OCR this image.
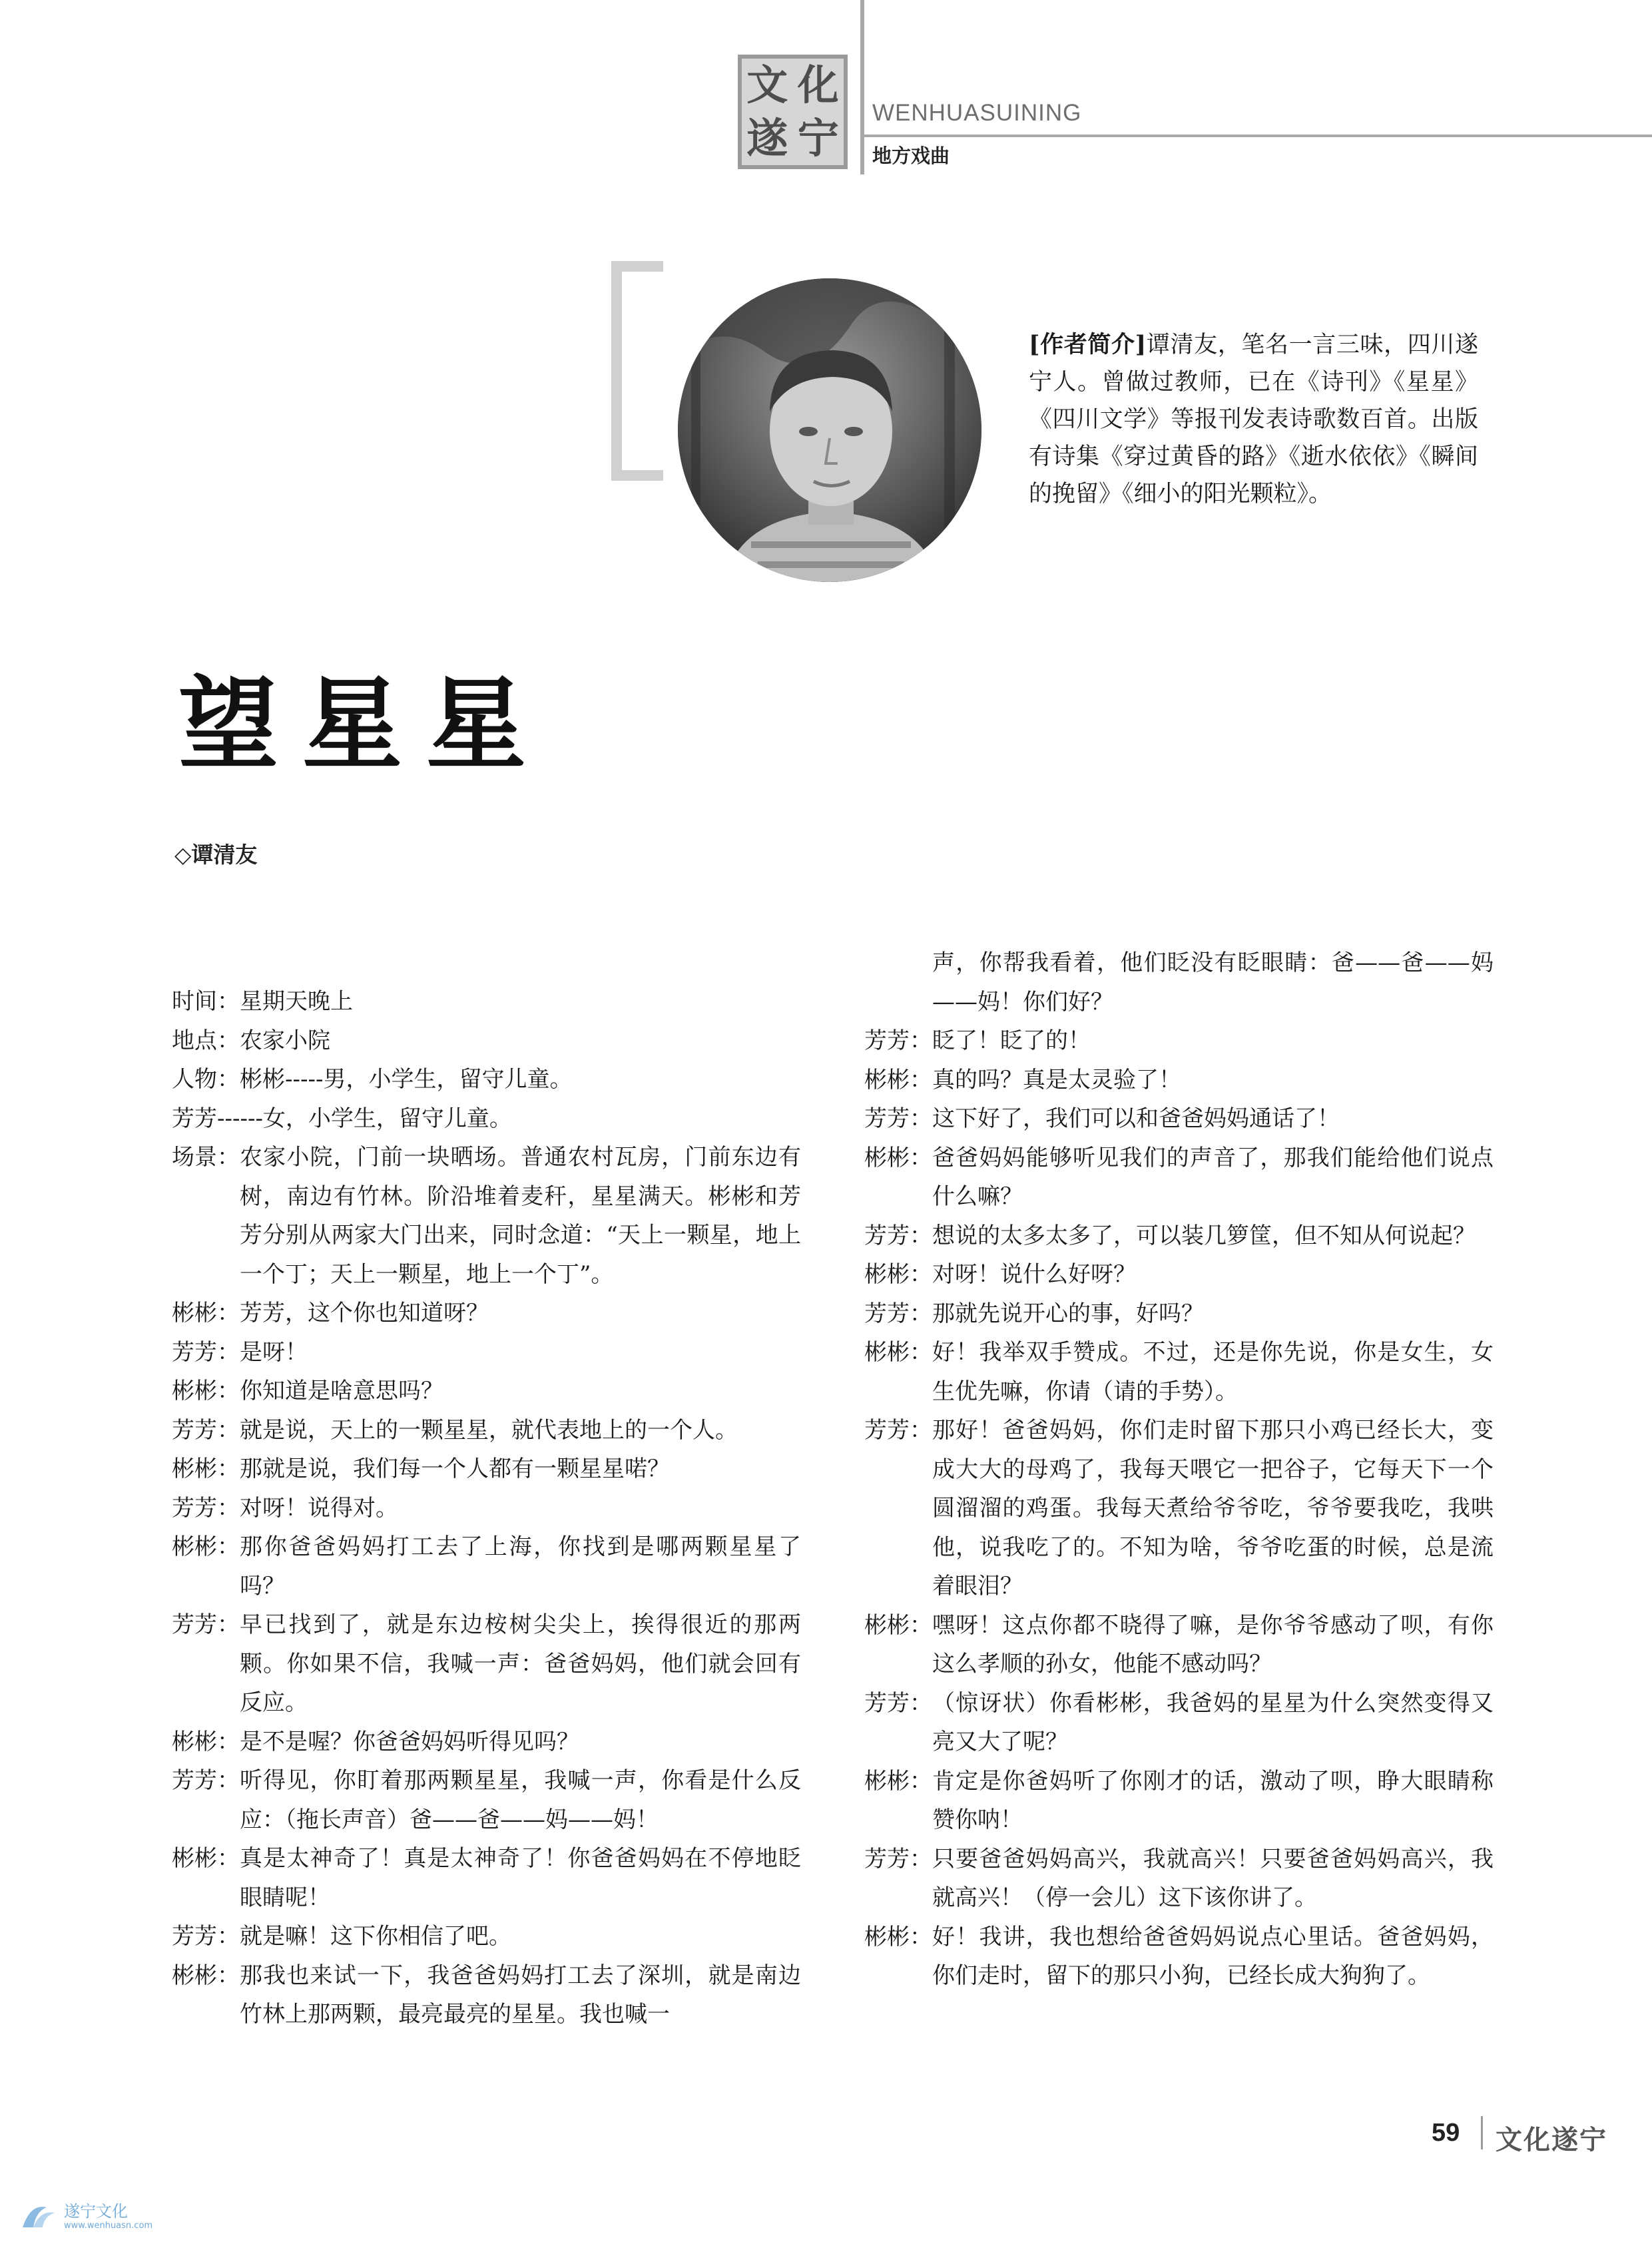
文 化
遂 宁
WENHUASUINING
地方戏曲
[作者简介]谭清友，笔名一言三味，四川遂宁人。曾做过教师，已在《诗刊》《星星》《四川文学》等报刊发表诗歌数百首。出版有诗集《穿过黄昏的路》《逝水依依》《瞬间的挽留》《细小的阳光颗粒》。
望星星
◇谭清友
时间： 星期天晚上
地点： 农家小院
人物： 彬彬-----男，小学生，留守儿童。
芳芳------女，小学生，留守儿童。
场景： 农家小院，门前一块晒场。普通农村瓦房，门前东边有树，南边有竹林。阶沿堆着麦秆，星星满天。彬彬和芳芳分别从两家大门出来，同时念道：“天上一颗星，地上一个丁；天上一颗星，地上一个丁”。
彬彬： 芳芳，这个你也知道呀？
芳芳： 是呀！
彬彬： 你知道是啥意思吗？
芳芳： 就是说，天上的一颗星星，就代表地上的一个人。
彬彬： 那就是说，我们每一个人都有一颗星星喏？
芳芳： 对呀！说得对。
彬彬： 那你爸爸妈妈打工去了上海，你找到是哪两颗星星了吗？
芳芳： 早已找到了，就是东边桉树尖尖上，挨得很近的那两颗。你如果不信，我喊一声：爸爸妈妈，他们就会回有反应。
彬彬： 是不是喔？你爸爸妈妈听得见吗？
芳芳： 听得见，你盯着那两颗星星，我喊一声，你看是什么反应：（拖长声音）爸——爸——妈——妈！
彬彬： 真是太神奇了！真是太神奇了！你爸爸妈妈在不停地眨眼睛呢！
芳芳： 就是嘛！这下你相信了吧。
彬彬： 那我也来试一下，我爸爸妈妈打工去了深圳，就是南边竹林上那两颗，最亮最亮的星星。我也喊一
声，你帮我看着，他们眨没有眨眼睛：爸——爸——妈——妈！你们好？
芳芳： 眨了！眨了的！
彬彬： 真的吗？真是太灵验了！
芳芳： 这下好了，我们可以和爸爸妈妈通话了！
彬彬： 爸爸妈妈能够听见我们的声音了，那我们能给他们说点什么嘛？
芳芳： 想说的太多太多了，可以装几箩筐，但不知从何说起？
彬彬： 对呀！说什么好呀？
芳芳： 那就先说开心的事，好吗？
彬彬： 好！我举双手赞成。不过，还是你先说，你是女生，女生优先嘛，你请（请的手势）。
芳芳： 那好！爸爸妈妈，你们走时留下那只小鸡已经长大，变成大大的母鸡了，我每天喂它一把谷子，它每天下一个圆溜溜的鸡蛋。我每天煮给爷爷吃，爷爷要我吃，我哄他，说我吃了的。不知为啥，爷爷吃蛋的时候，总是流着眼泪？
彬彬： 嘿呀！这点你都不晓得了嘛，是你爷爷感动了呗，有你这么孝顺的孙女，他能不感动吗？
芳芳： （惊讶状）你看彬彬，我爸妈的星星为什么突然变得又亮又大了呢？
彬彬： 肯定是你爸妈听了你刚才的话，激动了呗，睁大眼睛称赞你呐！
芳芳： 只要爸爸妈妈高兴，我就高兴！只要爸爸妈妈高兴，我就高兴！（停一会儿）这下该你讲了。
彬彬： 好！我讲，我也想给爸爸妈妈说点心里话。爸爸妈妈，你们走时，留下的那只小狗，已经长成大狗狗了。
59 文化遂宁
遂宁文化
www.wenhuasn.com
